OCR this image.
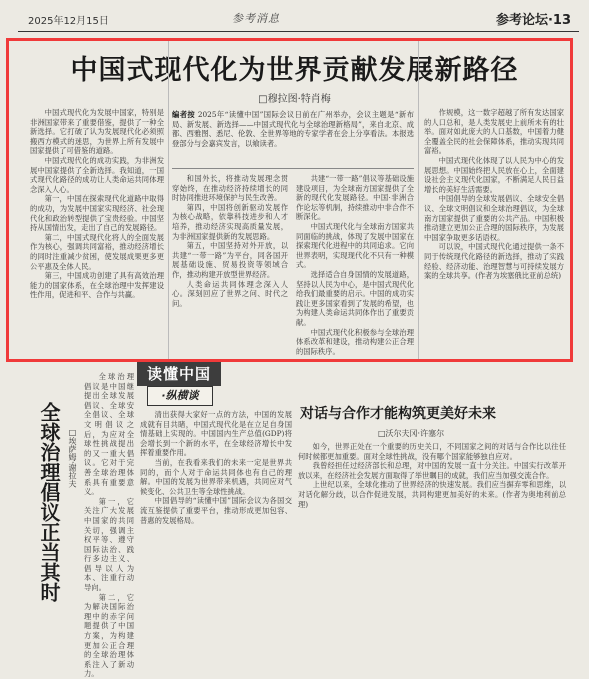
2025年12月15日	参考消息	参考论坛·13
中国式现代化为世界贡献发展新路径
□穆拉图·特肖梅

中国式现代化为发展中国家，特别是非洲国家带来了重要借鉴，提供了一种全新选择。它打破了认为发展现代化必须照搬西方模式的迷思，为世界上所有发展中国家提供了可借鉴的道路。

中国式现代化的成功实践，为非洲发展中国家提供了全新选择。我知道，一国式现代化路径的成功让人类命运共同体理念深入人心。

第一，中国在探索现代化道路中取得的成功，为发展中国家实现经济、社会现代化和政治转型提供了宝贵经验。中国坚持从国情出发，走出了自己的发展路径。

第二，中国式现代化将人的全面发展作为核心，强调共同富裕，推动经济增长的同时注重减少贫困，使发展成果更多更公平惠及全体人民。

第三，中国成功创建了具有高效治理能力的国家体系，在全球治理中发挥建设性作用，促进和平、合作与共赢。

编者按 2025年“读懂中国”国际会议日前在广州举办，会议主题是“新布局、新发展、新选择——中国式现代化与全球治理新格局”，来自北京、成都、西雅图、悉尼、伦敦、全世界等地的专家学者在会上分享看法。本报选登部分与会嘉宾发言，以飨读者。

和国外长，将推动发展理念贯穿始终，在推动经济持续增长的同时协同推进环境保护与民生改善。

第四，中国将创新驱动发展作为核心战略，依靠科技进步和人才培养，推动经济实现高质量发展，为非洲国家提供新的发展思路。

第五，中国坚持对外开放，以共建“一带一路”为平台，同各国开展基础设施、贸易投资等领域合作，推动构建开放型世界经济。

人类命运共同体理念深入人心。深刻回应了世界之问、时代之问。

共建“一带一路”倡议等基础设施建设项目，为全球南方国家提供了全新的现代化发展路径。中国·非洲合作论坛等机制，持续推动中非合作不断深化。

中国式现代化与全球南方国家共同面临的挑战，体现了发展中国家在探索现代化进程中的共同追求。它向世界表明，实现现代化不只有一种模式。

选择适合自身国情的发展道路，坚持以人民为中心，是中国式现代化给我们最重要的启示。中国的成功实践让更多国家看到了发展的希望，也为构建人类命运共同体作出了重要贡献。

中国式现代化积极参与全球治理体系改革和建设，推动构建公正合理的国际秩序。

作规模，这一数字超越了所有发达国家的人口总和，是人类发展史上前所未有的壮举。面对如此庞大的人口基数，中国着力健全覆盖全民的社会保障体系，推动实现共同富裕。

中国式现代化体现了以人民为中心的发展思想。中国始终把人民放在心上，全面建设社会主义现代化国家，不断满足人民日益增长的美好生活需要。

中国倡导的全球发展倡议、全球安全倡议、全球文明倡议和全球治理倡议，为全球南方国家提供了重要的公共产品。中国积极推动建立更加公正合理的国际秩序，为发展中国家争取更多话语权。

可以说，中国式现代化通过提供一条不同于传统现代化路径的新选择，推动了实践经验、经济动能、治理智慧与可持续发展方案的全球共享。(作者为埃塞俄比亚前总统)

读懂中国
·纵横谈
全球治理倡议正当其时 □埃萨姆·谢拉夫

全球治理倡议是中国继提出全球发展倡议、全球安全倡议、全球文明倡议之后，为应对全球性挑战提出的又一重大倡议。它对于完善全球治理体系具有重要意义。

第一，它关注广大发展中国家的共同关切，强调主权平等、遵守国际法治、践行多边主义、倡导以人为本、注重行动导向。

第二，它为解决国际治理中的赤字问题提供了中国方案，为构建更加公正合理的全球治理体系注入了新动力。

清出获得大家好一点的方法，中国的发展成就有目共睹，中国式现代化是在立足自身国情基础上实现的。中国国内生产总值(GDP)将会增长到一个新的水平，在全球经济增长中发挥着重要作用。

当前，在我看来我们的未来一定是世界共同的，而个人对于命运共同体也有自己的理解。中国的发展为世界带来机遇，共同应对气候变化、公共卫生等全球性挑战。

中国倡导的“读懂中国”国际会议为各国交流互鉴提供了重要平台，推动形成更加包容、普惠的发展格局。

对话与合作才能构筑更美好未来
□沃尔夫冈·许塞尔

如今，世界正处在一个重要的历史关口，不同国家之间的对话与合作比以往任何时候都更加重要。面对全球性挑战，没有哪个国家能够独自应对。

我曾经担任过经济部长和总理，对中国的发展一直十分关注。中国实行改革开放以来，在经济社会发展方面取得了举世瞩目的成就，我们应当加强交流合作。

上世纪以来，全球化推动了世界经济的快速发展。我们应当摒弃零和思维，以对话化解分歧，以合作促进发展，共同构建更加美好的未来。(作者为奥地利前总理)
